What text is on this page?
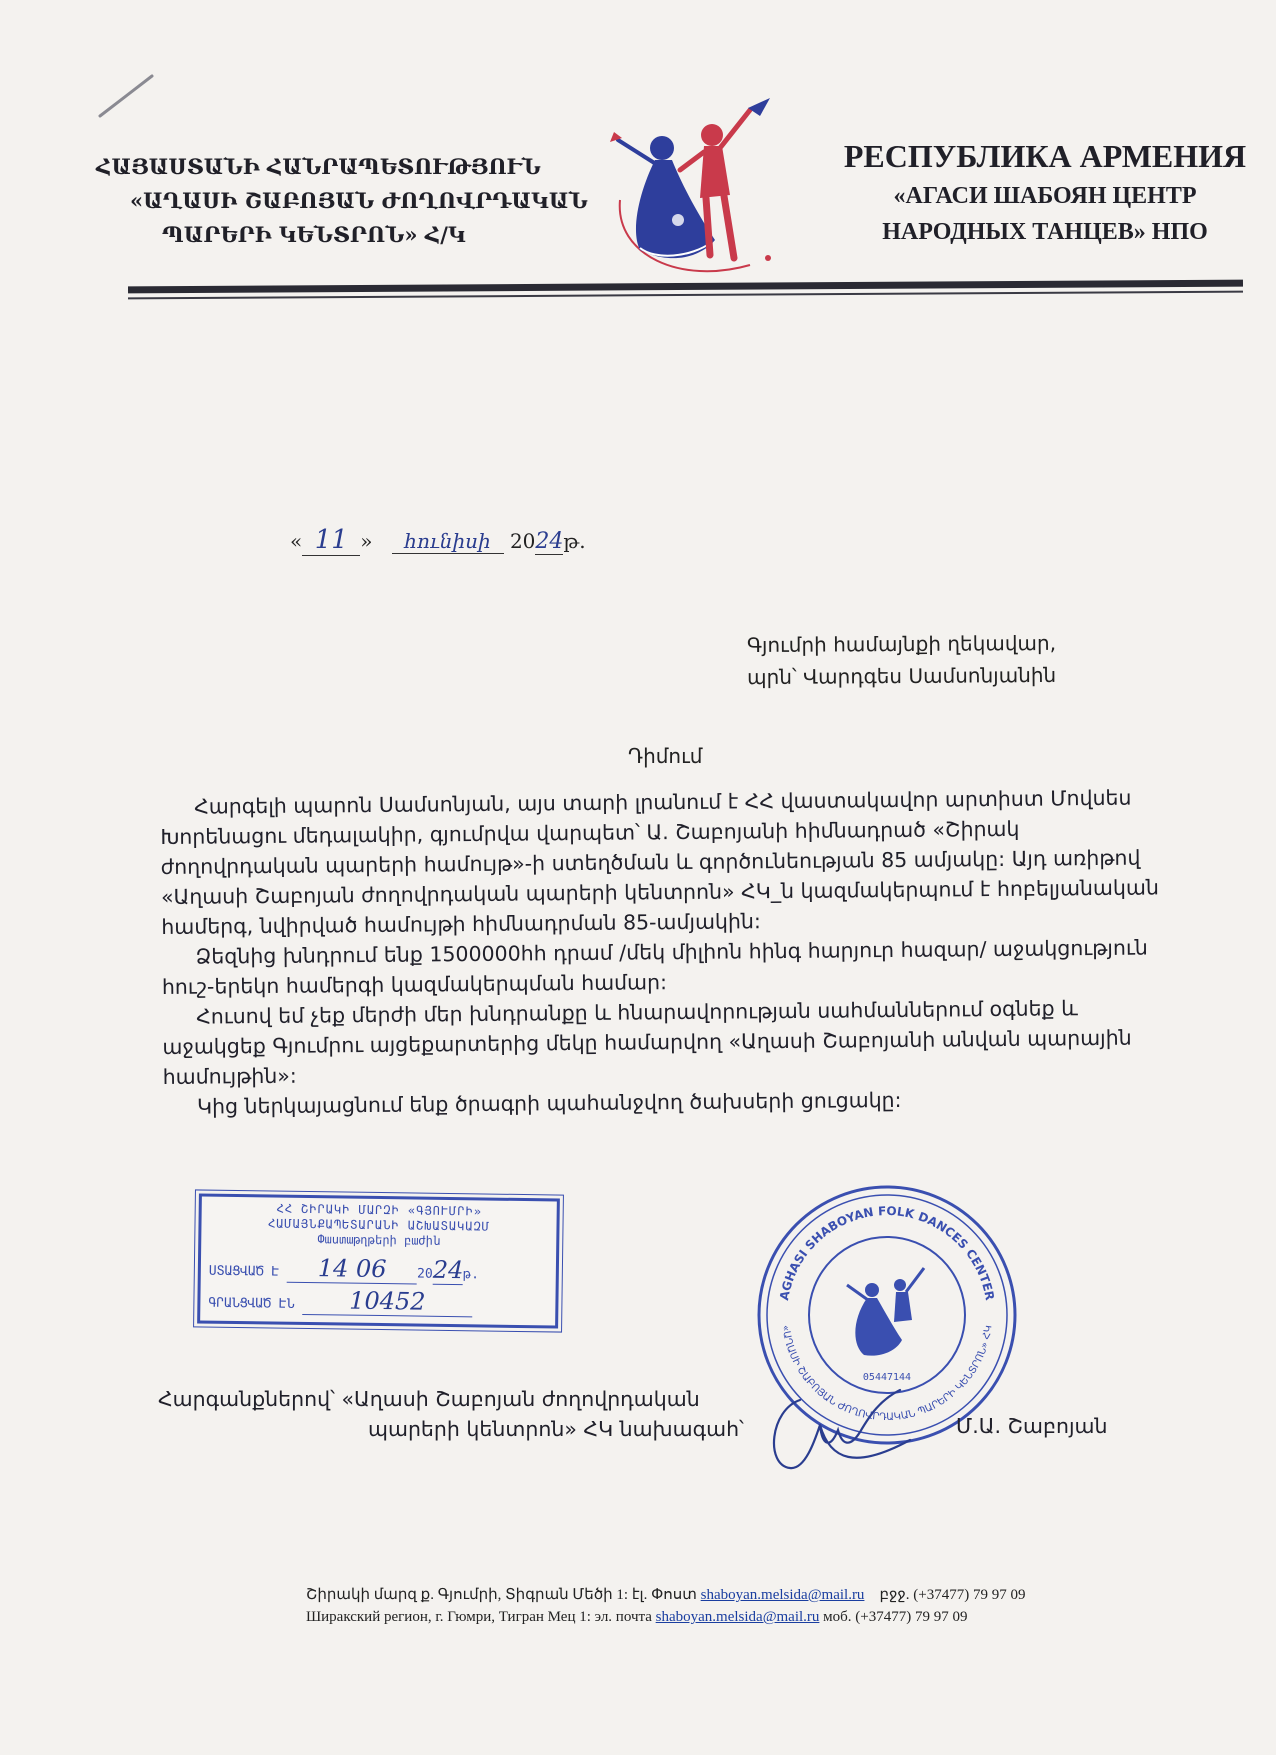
ՀԱՅԱՍՏԱՆԻ ՀԱՆՐԱՊԵՏՈՒԹՅՈՒՆ
«ԱՂԱՍԻ ՇԱԲՈՅԱՆ ԺՈՂՈՎՐԴԱԿԱՆ
ՊԱՐԵՐԻ ԿԵՆՏՐՈՆ» Հ/Կ
РЕСПУБЛИКА АРМЕНИЯ
«АГАСИ ШАБОЯН ЦЕНТР
НАРОДНЫХ ТАНЦЕВ» НПО
« 11 » հունիսի 2024թ.
Գյումրի համայնքի ղեկավար,
պրն՝ Վարդգես Սամսոնյանին
Դիմում

Հարգելի պարոն Սամսոնյան, այս տարի լրանում է ՀՀ վաստակավոր արտիստ Մովսես

Խորենացու մեդալակիր, գյումրվա վարպետ՝ Ա. Շաբոյանի հիմնադրած «Շիրակ

ժողովրդական պարերի համույթ»-ի ստեղծման և գործունեության 85 ամյակը: Այդ առիթով

«Աղասի Շաբոյան ժողովրդական պարերի կենտրոն» ՀԿ_ն կազմակերպում է հոբելյանական

համերգ, նվիրված համույթի հիմնադրման 85-ամյակին:

Ձեզնից խնդրում ենք 1500000հհ դրամ /մեկ միլիոն հինգ հարյուր հազար/ աջակցություն

հուշ-երեկո համերգի կազմակերպման համար:

Հուսով եմ չեք մերժի մեր խնդրանքը և հնարավորության սահմաններում օգնեք և

աջակցեք Գյումրու այցեքարտերից մեկը համարվող «Աղասի Շաբոյանի անվան պարային

համույթին»:

Կից ներկայացնում ենք ծրագրի պահանջվող ծախսերի ցուցակը:

ՀՀ ՇԻՐԱԿԻ ՄԱՐԶԻ «ԳՅՈՒՄՐԻ»
ՀԱՄԱՅՆՔԱՊԵՏԱՐԱՆԻ ԱՇԽԱՏԱԿԱԶՄ
Փաստաթղթերի բաժին
ՍՏԱՑՎԱԾ Է 14 06 2024թ.
ԳՐԱՆՑՎԱԾ ԷՆ 10452	AGHASI SHABOYAN FOLK DANCES CENTER
«ԱՂԱՍԻ ՇԱԲՈՅԱՆ ԺՈՂՈՎՐԴԱԿԱՆ ՊԱՐԵՐԻ ԿԵՆՏՐՈՆ» ՀԿ
05447144
Հարգանքներով՝ «Աղասի Շաբոյան ժողովրդական
պարերի կենտրոն» ՀԿ նախագահ՝	Մ.Ա. Շաբոյան
Շիրակի մարզ ք. Գյումրի, Տիգրան Մեծի 1: էլ. Փոստ shaboyan.melsida@mail.ru բջջ. (+37477) 79 97 09
Ширакский регион, г. Гюмри, Тигран Мец 1: эл. почта shaboyan.melsida@mail.ru моб. (+37477) 79 97 09
